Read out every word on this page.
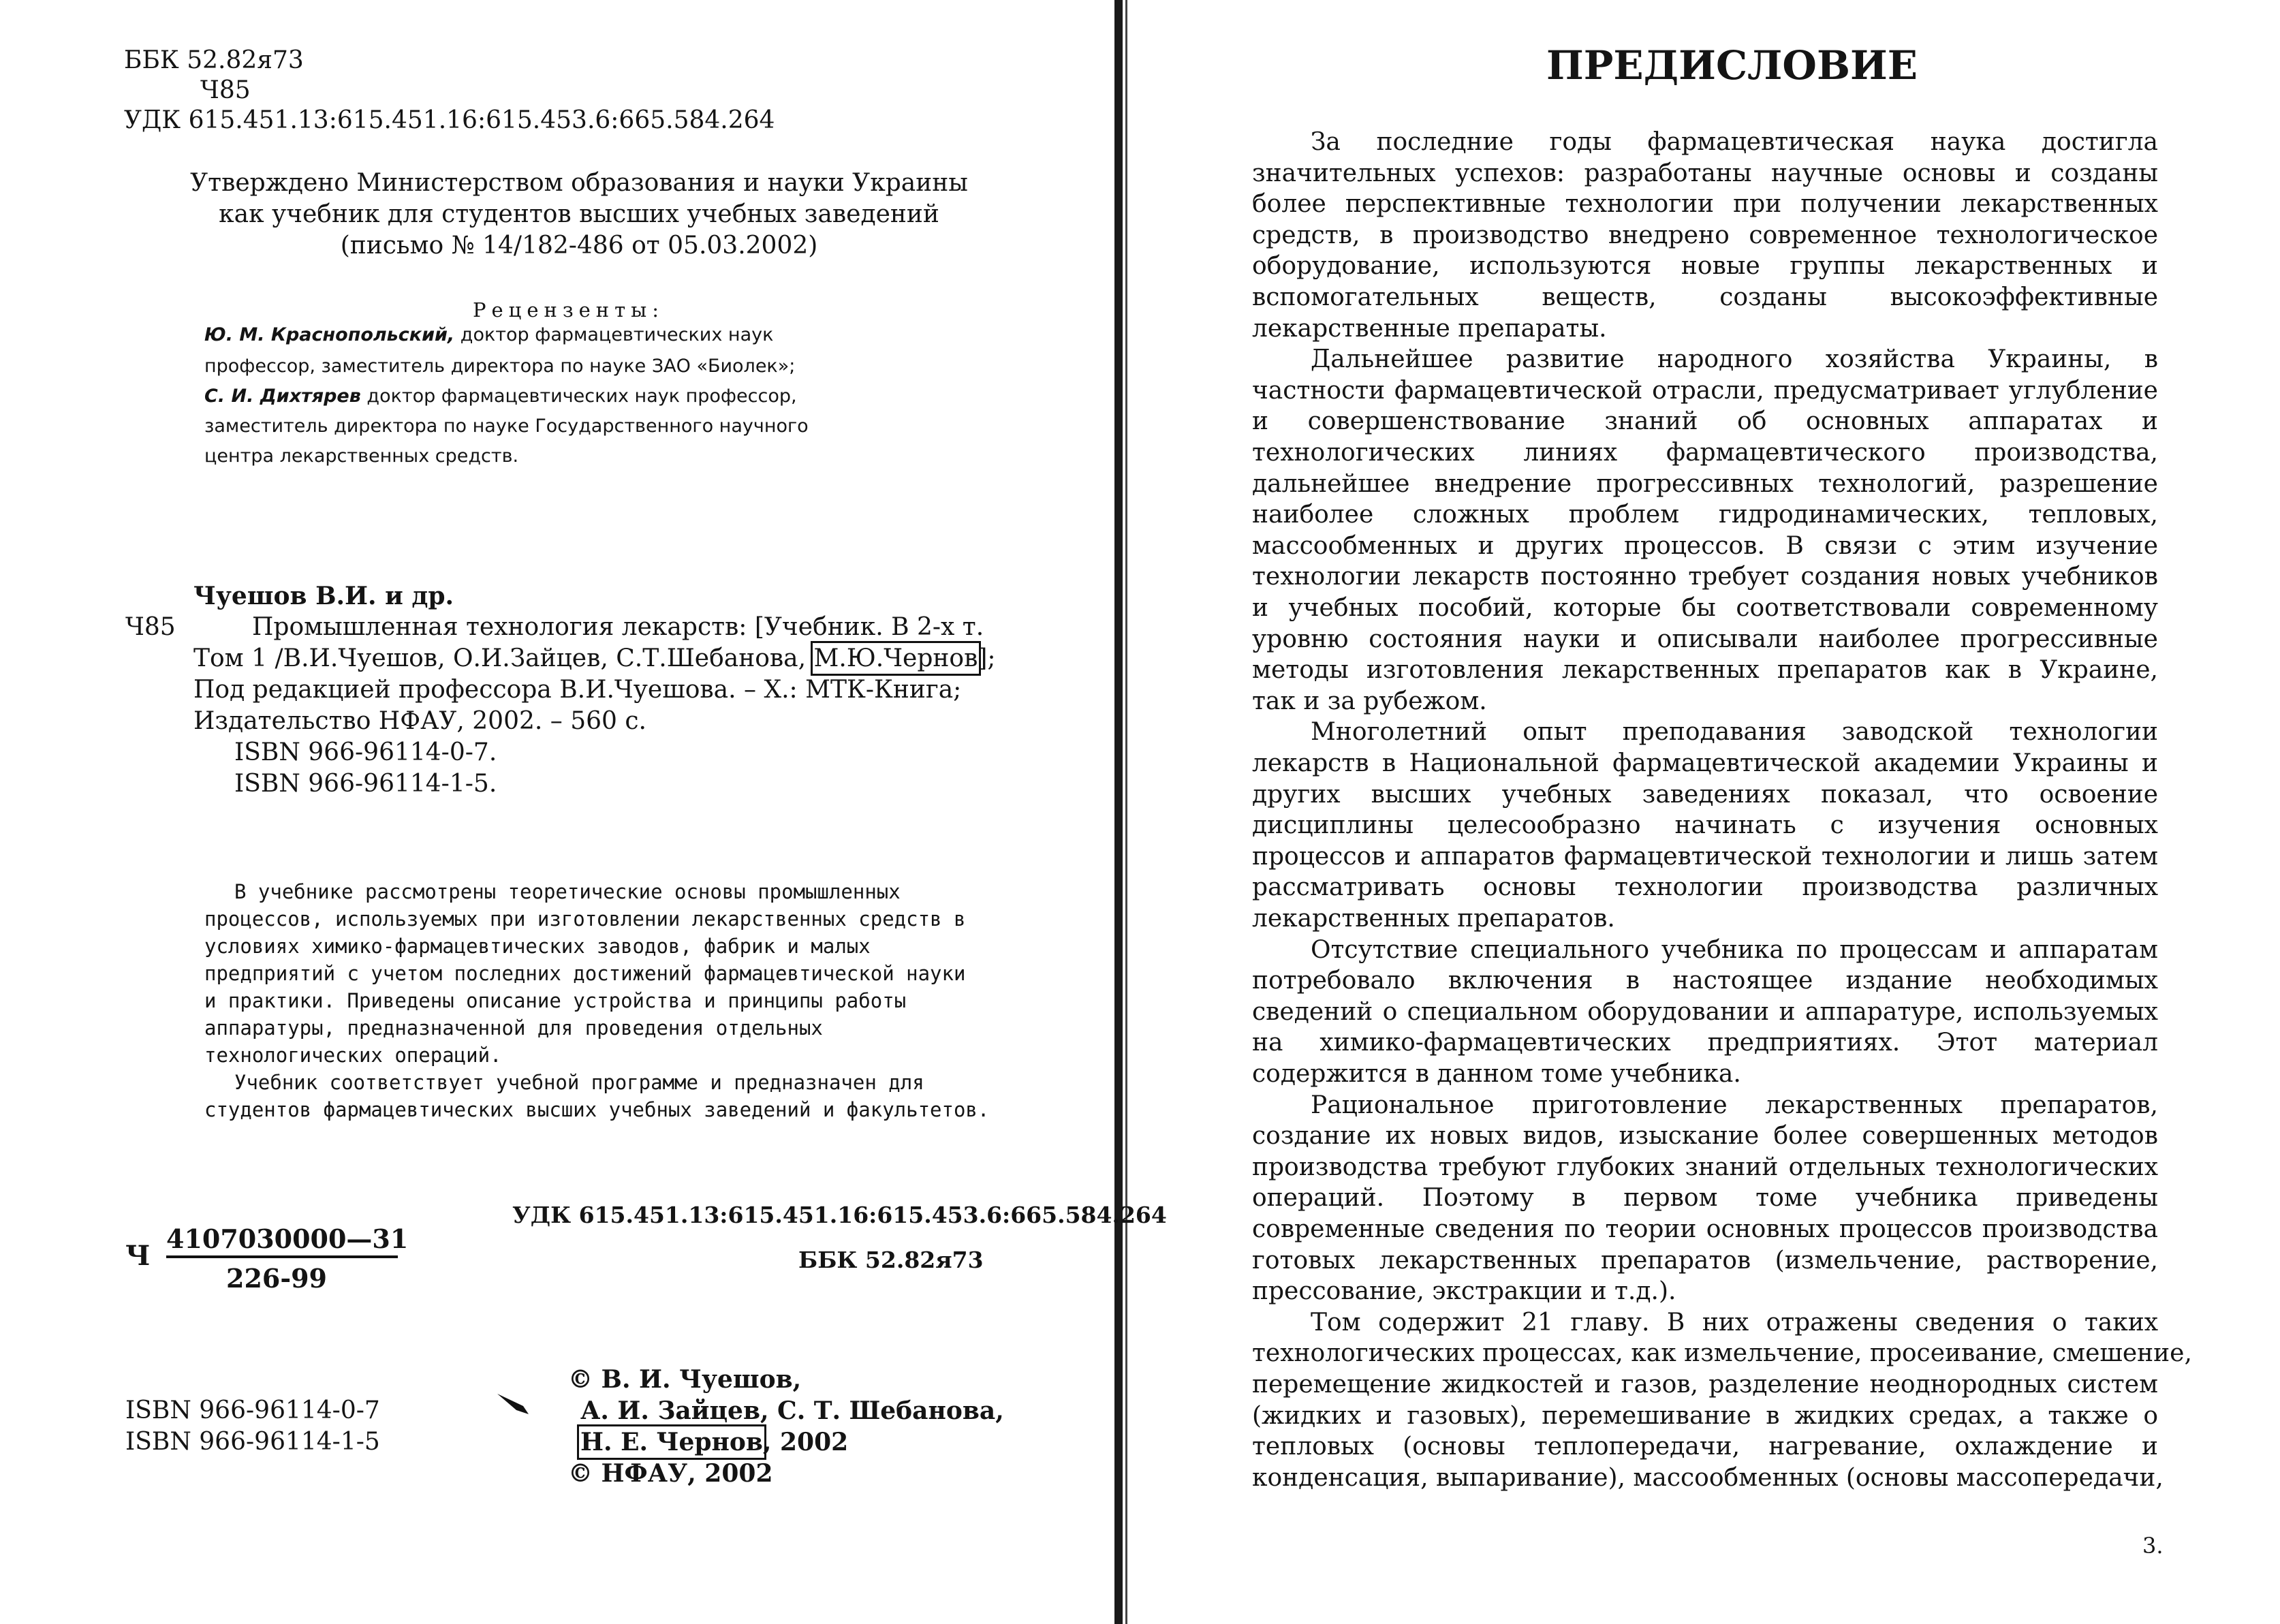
ББК 52.82я73
Ч85
УДК 615.451.13:615.451.16:615.453.6:665.584.264
Утверждено Министерством образования и науки Украины
как учебник для студентов высших учебных заведений
(письмо № 14/182-486 от 05.03.2002)
Рецензенты:
Ю. М. Краснопольский, доктор фармацевтических наук
профессор, заместитель директора по науке ЗАО «Биолек»;
С. И. Дихтярев доктор фармацевтических наук профессор,
заместитель директора по науке Государственного научного
центра лекарственных средств.
Чуешов В.И. и др.
Ч85	Промышленная технология лекарств: [Учебник. В 2-х т.
Том 1 /В.И.Чуешов, О.И.Зайцев, С.Т.Шебанова, М.Ю.Чернов];
Под редакцией профессора В.И.Чуешова. – Х.: МТК-Книга;
Издательство НФАУ, 2002. – 560 с.
ISBN 966-96114-0-7.
ISBN 966-96114-1-5.
В учебнике рассмотрены теоретические основы промышленных
процессов, используемых при изготовлении лекарственных средств в
условиях химико-фармацевтических заводов, фабрик и малых
предприятий с учетом последних достижений фармацевтической науки
и практики. Приведены описание устройства и принципы работы
аппаратуры, предназначенной для проведения отдельных
технологических операций.
Учебник соответствует учебной программе и предназначен для
студентов фармацевтических высших учебных заведений и факультетов.
УДК 615.451.13:615.451.16:615.453.6:665.584.264
Ч
4107030000—31
226-99
ББК 52.82я73
ISBN 966-96114-0-7
ISBN 966-96114-1-5
© В. И. Чуешов,
А. И. Зайцев, С. Т. Шебанова,
Н. Е. Чернов, 2002
© НФАУ, 2002
ПРЕДИСЛОВИЕ
За последние годы фармацевтическая наука достигла
значительных успехов: разработаны научные основы и созданы
более перспективные технологии при получении лекарственных
средств, в производство внедрено современное технологическое
оборудование, используются новые группы лекарственных и
вспомогательных веществ, созданы высокоэффективные
лекарственные препараты.
Дальнейшее развитие народного хозяйства Украины, в
частности фармацевтической отрасли, предусматривает углубление
и совершенствование знаний об основных аппаратах и
технологических линиях фармацевтического производства,
дальнейшее внедрение прогрессивных технологий, разрешение
наиболее сложных проблем гидродинамических, тепловых,
массообменных и других процессов. В связи с этим изучение
технологии лекарств постоянно требует создания новых учебников
и учебных пособий, которые бы соответствовали современному
уровню состояния науки и описывали наиболее прогрессивные
методы изготовления лекарственных препаратов как в Украине,
так и за рубежом.
Многолетний опыт преподавания заводской технологии
лекарств в Национальной фармацевтической академии Украины и
других высших учебных заведениях показал, что освоение
дисциплины целесообразно начинать с изучения основных
процессов и аппаратов фармацевтической технологии и лишь затем
рассматривать основы технологии производства различных
лекарственных препаратов.
Отсутствие специального учебника по процессам и аппаратам
потребовало включения в настоящее издание необходимых
сведений о специальном оборудовании и аппаратуре, используемых
на химико-фармацевтических предприятиях. Этот материал
содержится в данном томе учебника.
Рациональное приготовление лекарственных препаратов,
создание их новых видов, изыскание более совершенных методов
производства требуют глубоких знаний отдельных технологических
операций. Поэтому в первом томе учебника приведены
современные сведения по теории основных процессов производства
готовых лекарственных препаратов (измельчение, растворение,
прессование, экстракции и т.д.).
Том содержит 21 главу. В них отражены сведения о таких
технологических процессах, как измельчение, просеивание, смешение,
перемещение жидкостей и газов, разделение неоднородных систем
(жидких и газовых), перемешивание в жидких средах, а также о
тепловых (основы теплопередачи, нагревание, охлаждение и
конденсация, выпаривание), массообменных (основы массопередачи,
3.
